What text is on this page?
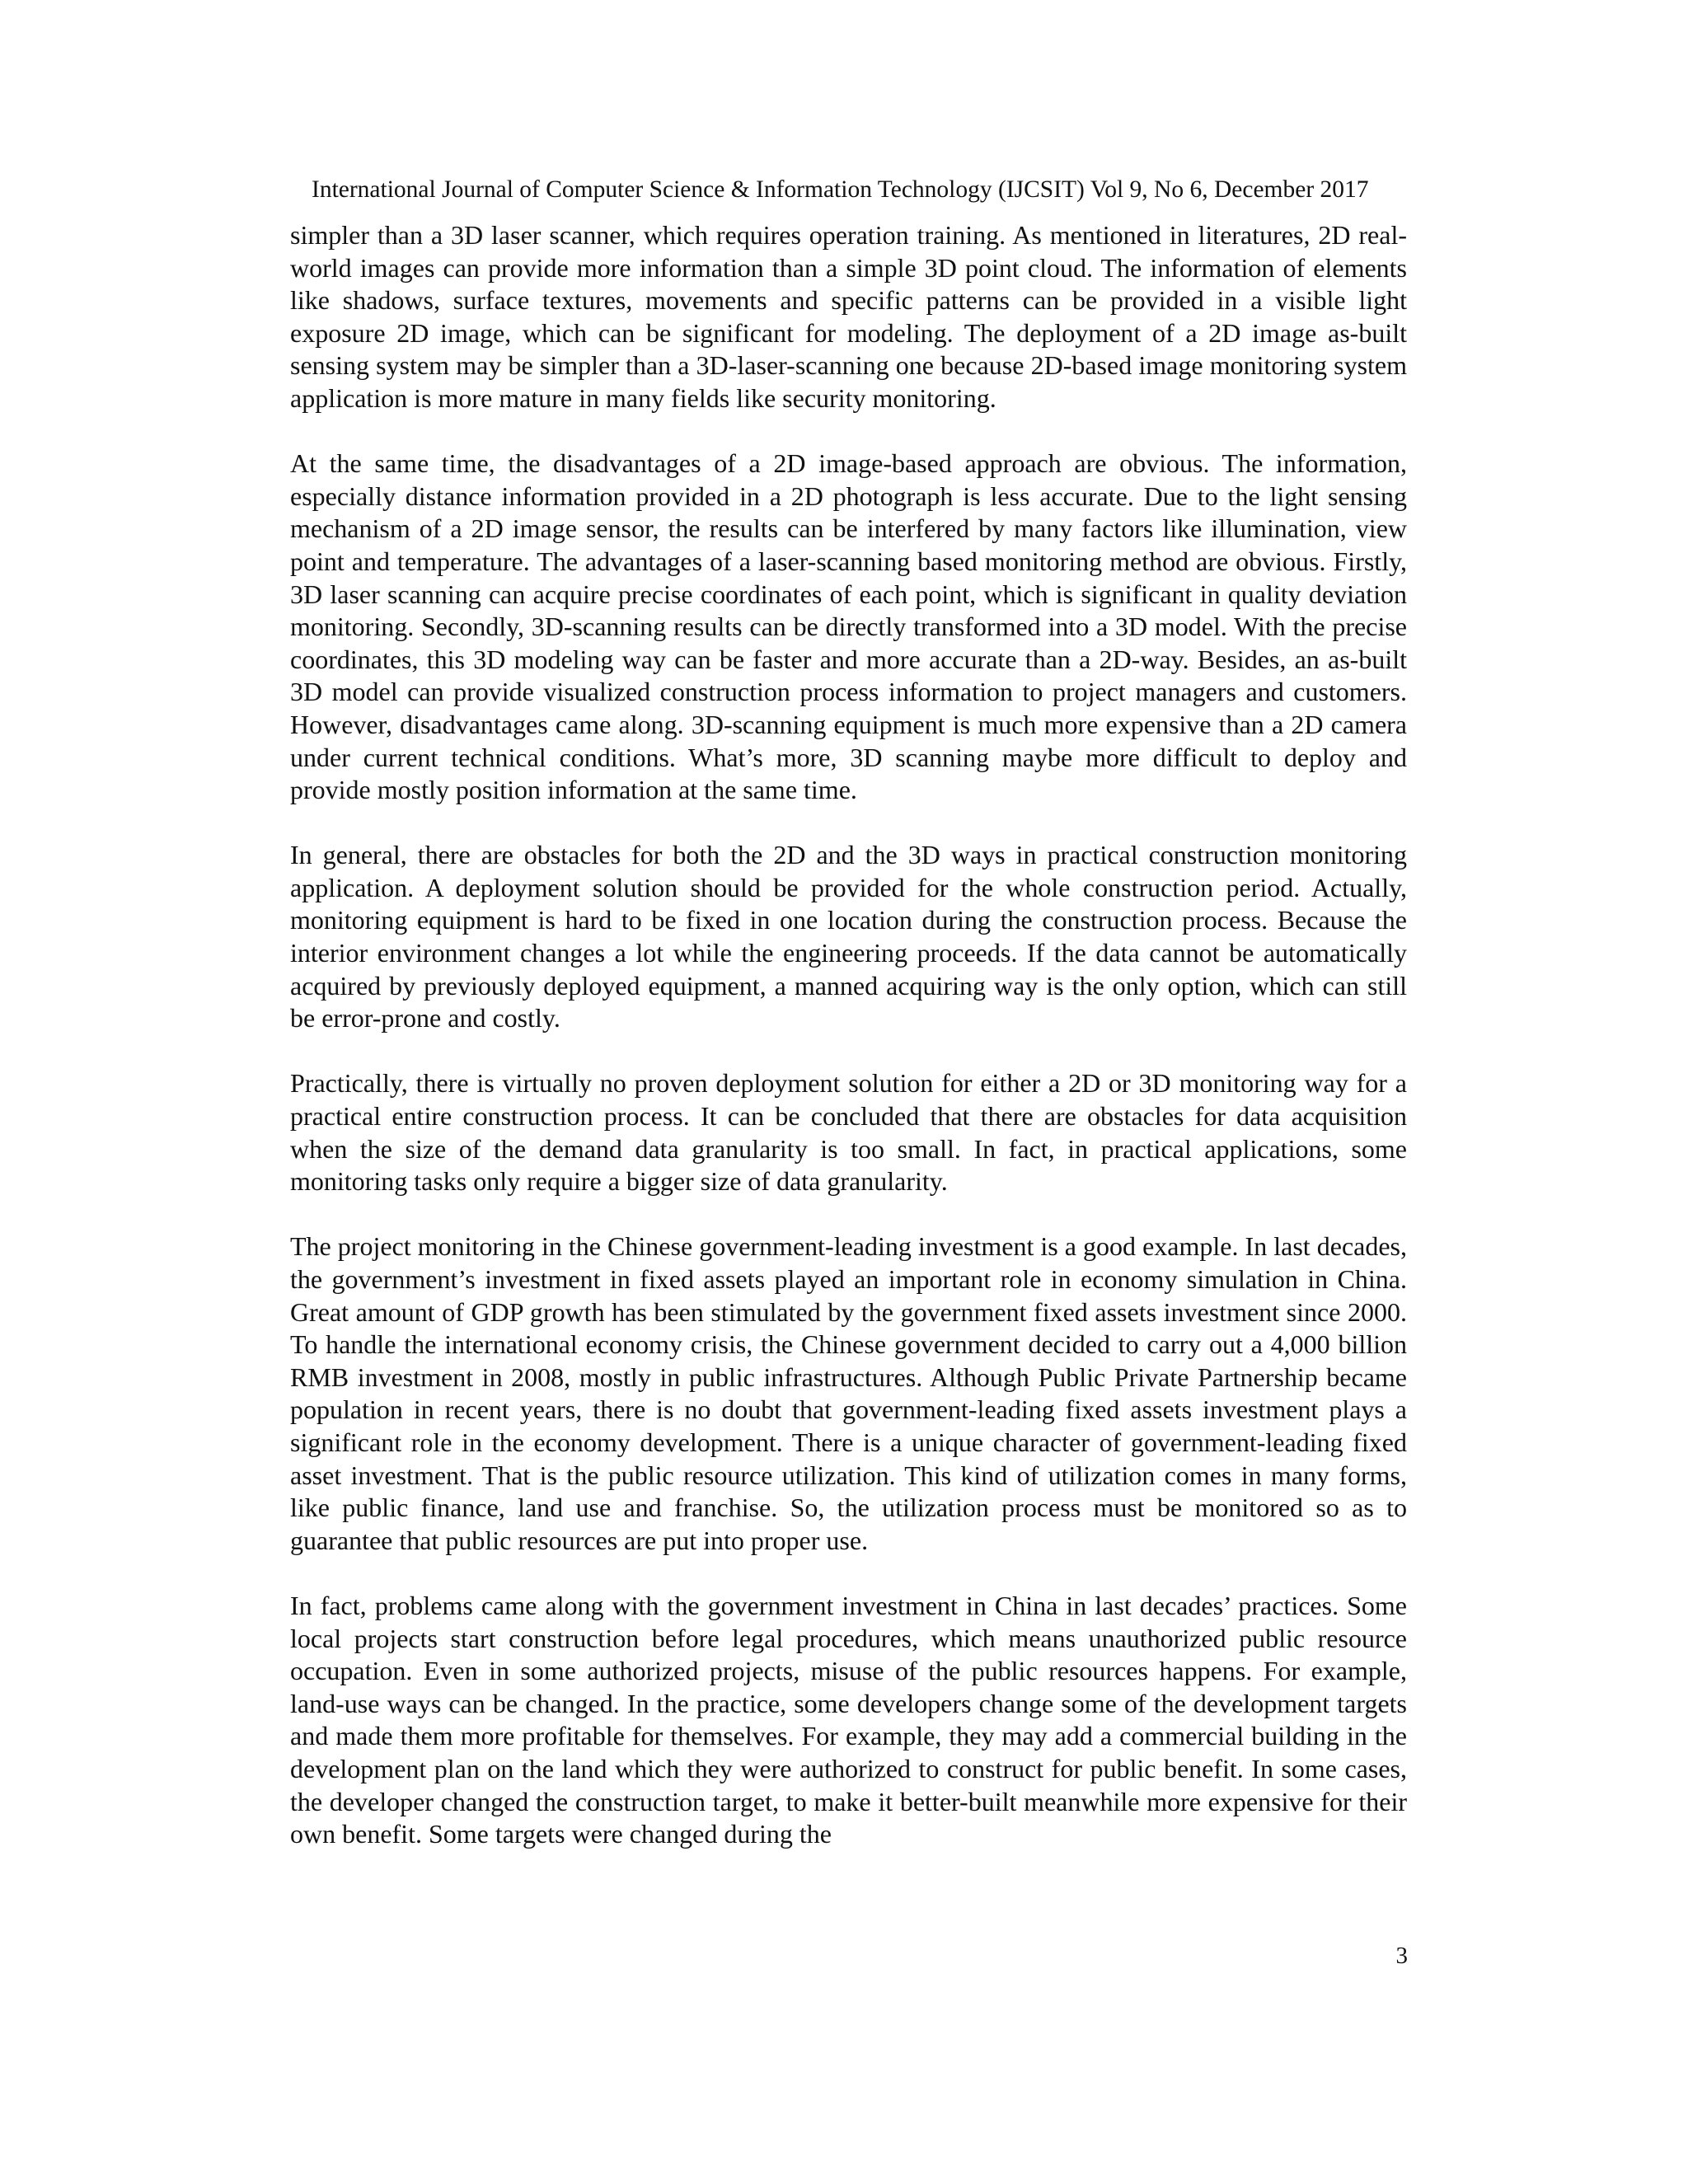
International Journal of Computer Science & Information Technology (IJCSIT) Vol 9, No 6, December 2017

simpler than a 3D laser scanner, which requires operation training. As mentioned in literatures, 2D real-world images can provide more information than a simple 3D point cloud. The information of elements like shadows, surface textures, movements and specific patterns can be provided in a visible light exposure 2D image, which can be significant for modeling. The deployment of a 2D image as-built sensing system may be simpler than a 3D-laser-scanning one because 2D-based image monitoring system application is more mature in many fields like security monitoring.

At the same time, the disadvantages of a 2D image-based approach are obvious. The information, especially distance information provided in a 2D photograph is less accurate. Due to the light sensing mechanism of a 2D image sensor, the results can be interfered by many factors like illumination, view point and temperature. The advantages of a laser-scanning based monitoring method are obvious. Firstly, 3D laser scanning can acquire precise coordinates of each point, which is significant in quality deviation monitoring. Secondly, 3D-scanning results can be directly transformed into a 3D model. With the precise coordinates, this 3D modeling way can be faster and more accurate than a 2D-way. Besides, an as-built 3D model can provide visualized construction process information to project managers and customers. However, disadvantages came along. 3D-scanning equipment is much more expensive than a 2D camera under current technical conditions. What’s more, 3D scanning maybe more difficult to deploy and provide mostly position information at the same time.

In general, there are obstacles for both the 2D and the 3D ways in practical construction monitoring application. A deployment solution should be provided for the whole construction period. Actually, monitoring equipment is hard to be fixed in one location during the construction process. Because the interior environment changes a lot while the engineering proceeds. If the data cannot be automatically acquired by previously deployed equipment, a manned acquiring way is the only option, which can still be error-prone and costly.

Practically, there is virtually no proven deployment solution for either a 2D or 3D monitoring way for a practical entire construction process. It can be concluded that there are obstacles for data acquisition when the size of the demand data granularity is too small. In fact, in practical applications, some monitoring tasks only require a bigger size of data granularity.

The project monitoring in the Chinese government-leading investment is a good example. In last decades, the government’s investment in fixed assets played an important role in economy simulation in China. Great amount of GDP growth has been stimulated by the government fixed assets investment since 2000. To handle the international economy crisis, the Chinese government decided to carry out a 4,000 billion RMB investment in 2008, mostly in public infrastructures. Although Public Private Partnership became population in recent years, there is no doubt that government-leading fixed assets investment plays a significant role in the economy development. There is a unique character of government-leading fixed asset investment. That is the public resource utilization. This kind of utilization comes in many forms, like public finance, land use and franchise. So, the utilization process must be monitored so as to guarantee that public resources are put into proper use.

In fact, problems came along with the government investment in China in last decades’ practices. Some local projects start construction before legal procedures, which means unauthorized public resource occupation. Even in some authorized projects, misuse of the public resources happens. For example, land-use ways can be changed. In the practice, some developers change some of the development targets and made them more profitable for themselves. For example, they may add a commercial building in the development plan on the land which they were authorized to construct for public benefit. In some cases, the developer changed the construction target, to make it better-built meanwhile more expensive for their own benefit. Some targets were changed during the

3
